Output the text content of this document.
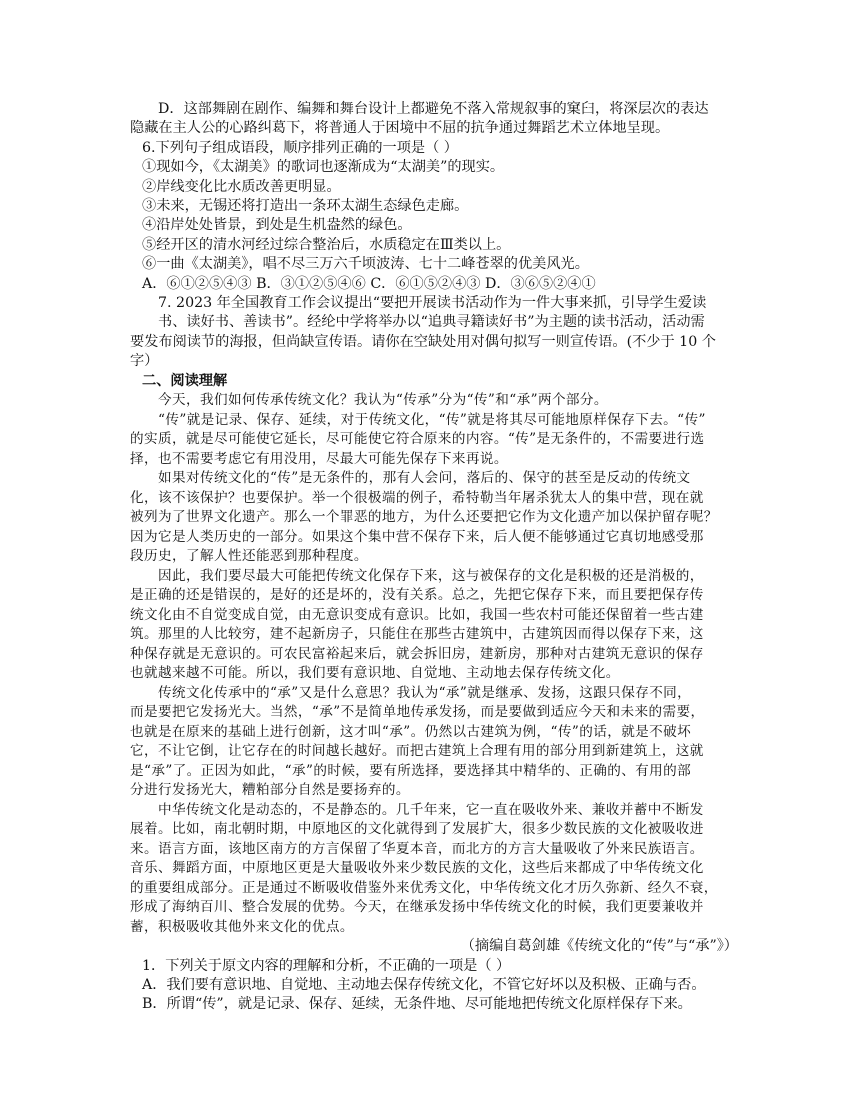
D．这部舞剧在剧作、编舞和舞台设计上都避免不落入常规叙事的窠臼，将深层次的表达
隐藏在主人公的心路纠葛下，将普通人于困境中不屈的抗争通过舞蹈艺术立体地呈现。
6.下列句子组成语段，顺序排列正确的一项是（ ）
①现如今，《太湖美》的歌词也逐渐成为“太湖美”的现实。
②岸线变化比水质改善更明显。
③未来，无锡还将打造出一条环太湖生态绿色走廊。
④沿岸处处皆景，到处是生机盎然的绿色。
⑤经开区的清水河经过综合整治后，水质稳定在Ⅲ类以上。
⑥一曲《太湖美》，唱不尽三万六千顷波涛、七十二峰苍翠的优美风光。
A．⑥①②⑤④③ B．③①②⑤④⑥ C．⑥①⑤②④③ D．③⑥⑤②④①
7. 2023 年全国教育工作会议提出“要把开展读书活动作为一件大事来抓，引导学生爱读
书、读好书、善读书”。经纶中学将举办以“追典寻籍读好书”为主题的读书活动，活动需
要发布阅读节的海报，但尚缺宣传语。请你在空缺处用对偶句拟写一则宣传语。(不少于 10 个
字）
二、阅读理解
今天，我们如何传承传统文化？我认为“传承”分为“传”和“承”两个部分。
“传”就是记录、保存、延续，对于传统文化，“传”就是将其尽可能地原样保存下去。“传”
的实质，就是尽可能使它延长，尽可能使它符合原来的内容。“传”是无条件的，不需要进行选
择，也不需要考虑它有用没用，尽最大可能先保存下来再说。
如果对传统文化的“传”是无条件的，那有人会问，落后的、保守的甚至是反动的传统文
化，该不该保护？也要保护。举一个很极端的例子，希特勒当年屠杀犹太人的集中营，现在就
被列为了世界文化遗产。那么一个罪恶的地方，为什么还要把它作为文化遗产加以保护留存呢？
因为它是人类历史的一部分。如果这个集中营不保存下来，后人便不能够通过它真切地感受那
段历史，了解人性还能恶到那种程度。
因此，我们要尽最大可能把传统文化保存下来，这与被保存的文化是积极的还是消极的，
是正确的还是错误的，是好的还是坏的，没有关系。总之，先把它保存下来，而且要把保存传
统文化由不自觉变成自觉，由无意识变成有意识。比如，我国一些农村可能还保留着一些古建
筑。那里的人比较穷，建不起新房子，只能住在那些古建筑中，古建筑因而得以保存下来，这
种保存就是无意识的。可农民富裕起来后，就会拆旧房，建新房，那种对古建筑无意识的保存
也就越来越不可能。所以，我们要有意识地、自觉地、主动地去保存传统文化。
传统文化传承中的“承”又是什么意思？我认为“承”就是继承、发扬，这跟只保存不同，
而是要把它发扬光大。当然，“承”不是简单地传承发扬，而是要做到适应今天和未来的需要，
也就是在原来的基础上进行创新，这才叫“承”。仍然以古建筑为例，“传”的话，就是不破坏
它，不让它倒，让它存在的时间越长越好。而把古建筑上合理有用的部分用到新建筑上，这就
是“承”了。正因为如此，“承”的时候，要有所选择，要选择其中精华的、正确的、有用的部
分进行发扬光大，糟粕部分自然是要扬弃的。
中华传统文化是动态的，不是静态的。几千年来，它一直在吸收外来、兼收并蓄中不断发
展着。比如，南北朝时期，中原地区的文化就得到了发展扩大，很多少数民族的文化被吸收进
来。语言方面，该地区南方的方言保留了华夏本音，而北方的方言大量吸收了外来民族语言。
音乐、舞蹈方面，中原地区更是大量吸收外来少数民族的文化，这些后来都成了中华传统文化
的重要组成部分。正是通过不断吸收借鉴外来优秀文化，中华传统文化才历久弥新、经久不衰，
形成了海纳百川、整合发展的优势。今天，在继承发扬中华传统文化的时候，我们更要兼收并
蓄，积极吸收其他外来文化的优点。
（摘编自葛剑雄《传统文化的“传”与“承”》）
1．下列关于原文内容的理解和分析，不正确的一项是（ ）
A．我们要有意识地、自觉地、主动地去保存传统文化，不管它好坏以及积极、正确与否。
B．所谓“传”，就是记录、保存、延续，无条件地、尽可能地把传统文化原样保存下来。
